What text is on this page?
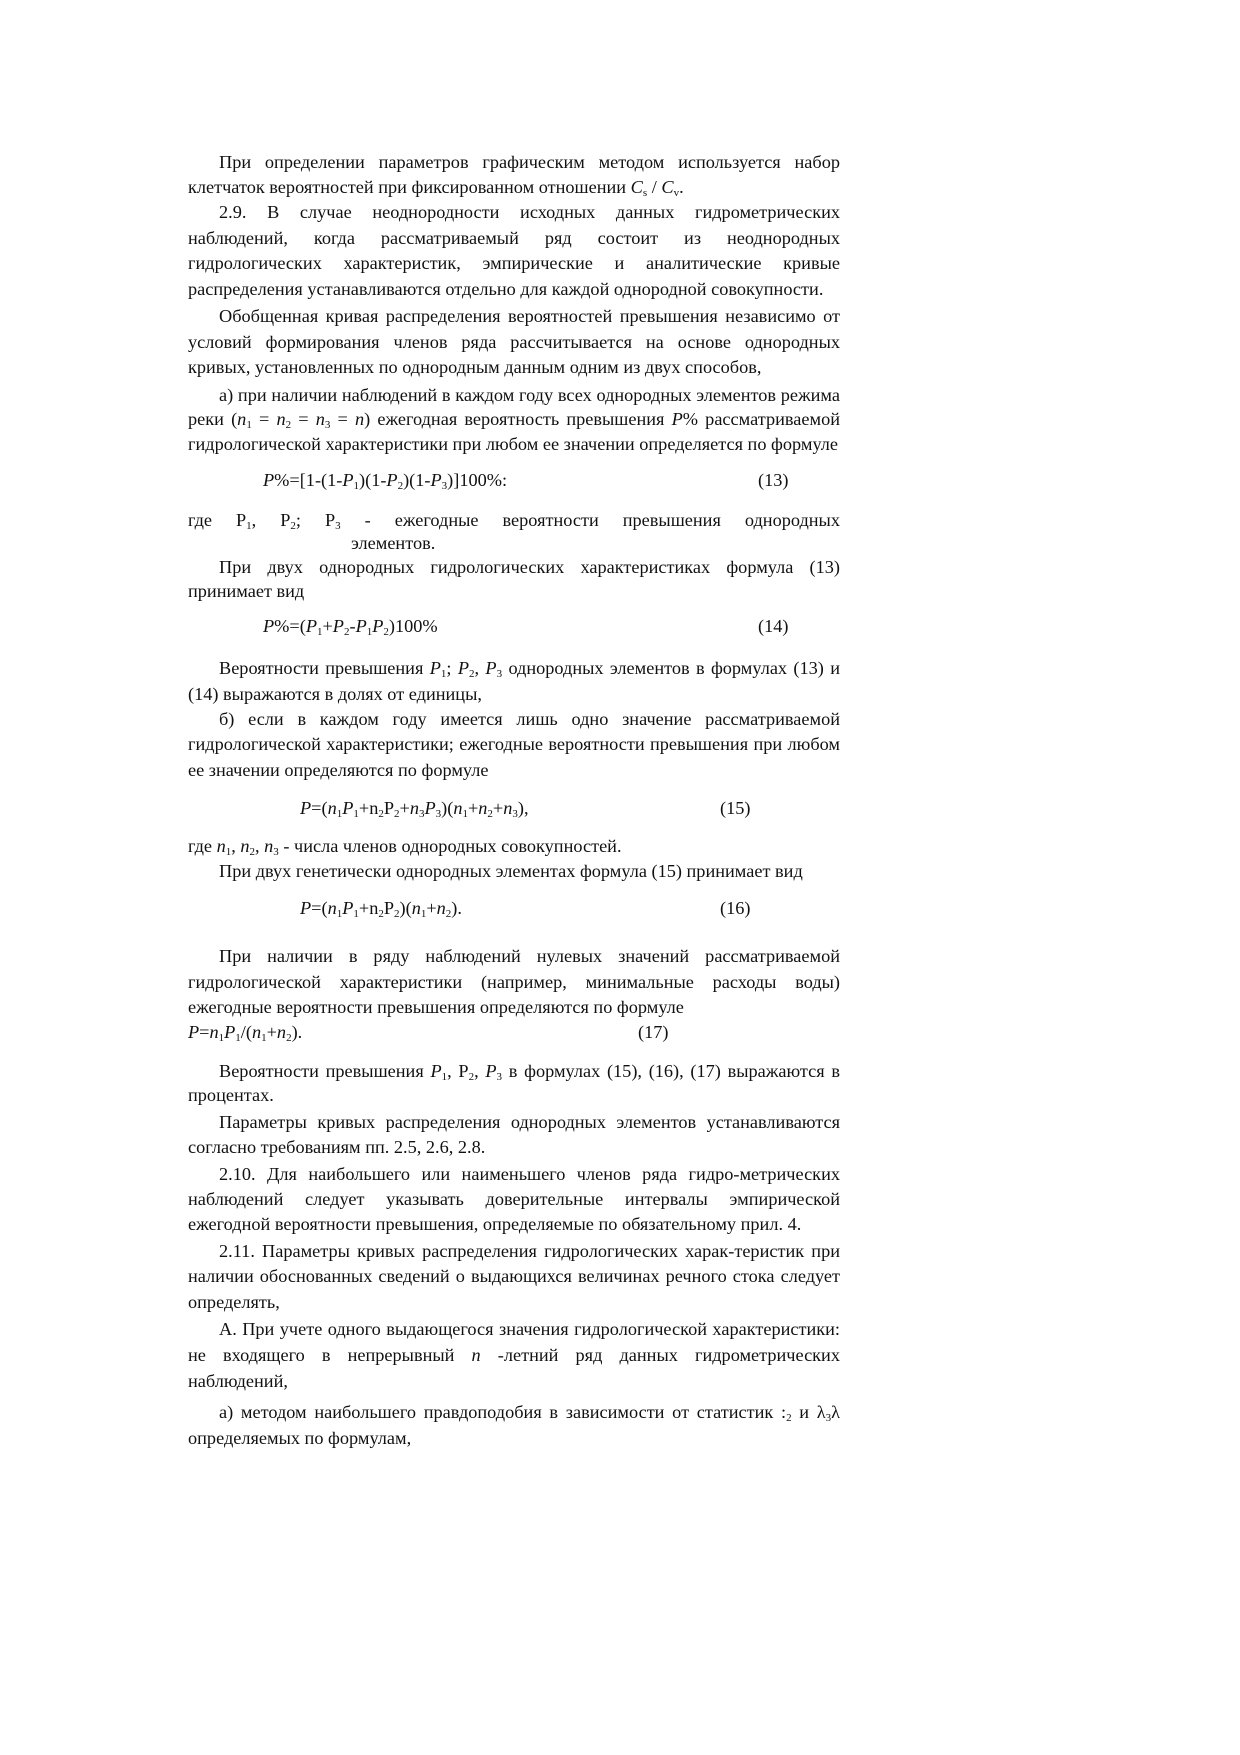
При определении параметров графическим методом используется набор клетчаток вероятностей при фиксированном отношении $C_s / C_v$.

2.9. В случае неоднородности исходных данных гидрометрических наблюдений, когда рассматриваемый ряд состоит из неоднородных гидрологических характеристик, эмпирические и аналитические кривые распределения устанавливаются отдельно для каждой однородной совокупности.

Обобщенная кривая распределения вероятностей превышения независимо от условий формирования членов ряда рассчитывается на основе однородных кривых, установленных по однородным данным одним из двух способов,

а) при наличии наблюдений в каждом году всех однородных элементов режима реки $(n_1 = n_2 = n_3 = n)$ ежегодная вероятность превышения P% рассматриваемой гидрологической характеристики при любом ее значении определяется по формуле

$P\%=[1-(1-P_1)(1-P_2)(1-P_3)]100\%$:	(13)

где $P_1$, $P_2$; $P_3$ - ежегодные вероятности превышения однородных

элементов.

При двух однородных гидрологических характеристиках формула (13) принимает вид

$P\%=(P_1+P_2-P_1P_2)100\%$	(14)

Вероятности превышения $P_1$; $P_2$, $P_3$ однородных элементов в формулах (13) и (14) выражаются в долях от единицы,

б) если в каждом году имеется лишь одно значение рассматриваемой гидрологической характеристики; ежегодные вероятности превышения при любом ее значении определяются по формуле

$P=(n_1P_1+n_2P_2+n_3P_3)(n_1+n_2+n_3)$,	(15)

где $n_1$, $n_2$, $n_3$ - числа членов однородных совокупностей.

При двух генетически однородных элементах формула (15) принимает вид

$P=(n_1P_1+n_2P_2)(n_1+n_2)$.	(16)

При наличии в ряду наблюдений нулевых значений рассматриваемой гидрологической характеристики (например, минимальные расходы воды) ежегодные вероятности превышения определяются по формуле

$P=n_1P_1/(n_1+n_2)$.	(17)

Вероятности превышения $P_1$, $P_2$, $P_3$ в формулах (15), (16), (17) выражаются в процентах.

Параметры кривых распределения однородных элементов устанавливаются согласно требованиям пп. 2.5, 2.6, 2.8.

2.10. Для наибольшего или наименьшего членов ряда гидро-метрических наблюдений следует указывать доверительные интервалы эмпирической ежегодной вероятности превышения, определяемые по обязательному прил. 4.

2.11. Параметры кривых распределения гидрологических харак-теристик при наличии обоснованных сведений о выдающихся величинах речного стока следует определять,

А. При учете одного выдающегося значения гидрологической характеристики: не входящего в непрерывный n -летний ряд данных гидрометрических наблюдений,

а) методом наибольшего правдоподобия в зависимости от статистик $:_2$ и $\lambda_3\lambda$ определяемых по формулам,
